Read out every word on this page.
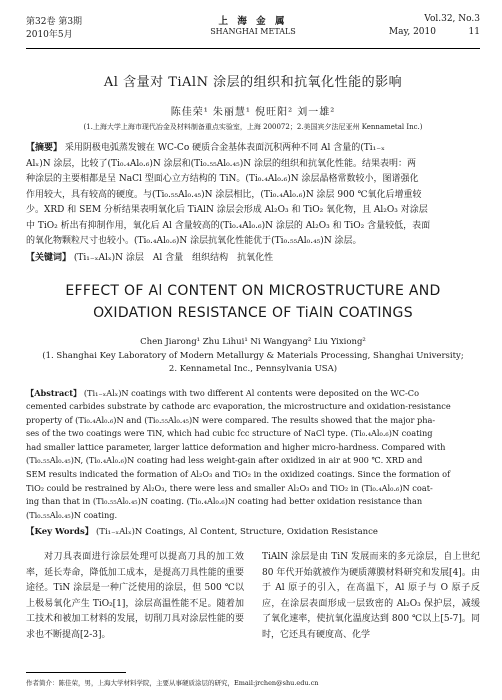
第32卷 第3期
2010年5月
上 海 金 属
SHANGHAI METALS
Vol.32, No.3
May, 2010	11
Al 含量对 TiAlN 涂层的组织和抗氧化性能的影响
陈佳荣¹ 朱丽慧¹ 倪旺阳² 刘一雄²
(1.上海大学上海市现代冶金及材料制备重点实验室，上海 200072；2.美国宾夕法尼亚州 Kennametal Inc.)
【摘要】 采用阴极电弧蒸发镀在 WC-Co 硬质合金基体表面沉积两种不同 Al 含量的(Ti₁₋ₓ
Alₓ)N 涂层，比较了(Ti₀.₄Al₀.₆)N 涂层和(Ti₀.₅₅Al₀.₄₅)N 涂层的组织和抗氧化性能。结果表明：两
种涂层的主要相都是呈 NaCl 型面心立方结构的 TiN。(Ti₀.₄Al₀.₆)N 涂层晶格常数较小，图谱强化
作用较大，具有较高的硬度。与(Ti₀.₅₅Al₀.₄₅)N 涂层相比，(Ti₀.₄Al₀.₆)N 涂层 900 ℃氧化后增重较
少。XRD 和 SEM 分析结果表明氧化后 TiAlN 涂层会形成 Al₂O₃ 和 TiO₂ 氧化物，且 Al₂O₃ 对涂层
中 TiO₂ 析出有抑制作用，氧化后 Al 含量较高的(Ti₀.₄Al₀.₆)N 涂层的 Al₂O₃ 和 TiO₂ 含量较低，表面
的氧化物颗粒尺寸也较小。(Ti₀.₄Al₀.₆)N 涂层抗氧化性能优于(Ti₀.₅₅Al₀.₄₅)N 涂层。
【关键词】 (Ti₁₋ₓAlₓ)N 涂层　Al 含量　组织结构　抗氧化性
EFFECT OF Al CONTENT ON MICROSTRUCTURE AND
OXIDATION RESISTANCE OF TiAlN COATINGS
Chen Jiarong¹ Zhu Lihui¹ Ni Wangyang² Liu Yixiong²
(1. Shanghai Key Laboratory of Modern Metallurgy & Materials Processing, Shanghai University;
2. Kennametal Inc., Pennsylvania USA)
【Abstract】 (Ti₁₋ₓAlₓ)N coatings with two different Al contents were deposited on the WC-Co
cemented carbides substrate by cathode arc evaporation, the microstructure and oxidation-resistance
property of (Ti₀.₄Al₀.₆)N and (Ti₀.₅₅Al₀.₄₅)N were compared. The results showed that the major pha-
ses of the two coatings were TiN, which had cubic fcc structure of NaCl type. (Ti₀.₄Al₀.₆)N coating
had smaller lattice parameter, larger lattice deformation and higher micro-hardness. Compared with
(Ti₀.₅₅Al₀.₄₅)N, (Ti₀.₄Al₀.₆)N coating had less weight-gain after oxidized in air at 900 ℃. XRD and
SEM results indicated the formation of Al₂O₃ and TiO₂ in the oxidized coatings. Since the formation of
TiO₂ could be restrained by Al₂O₃, there were less and smaller Al₂O₃ and TiO₂ in (Ti₀.₄Al₀.₆)N coat-
ing than that in (Ti₀.₅₅Al₀.₄₅)N coating. (Ti₀.₄Al₀.₆)N coating had better oxidation resistance than
(Ti₀.₅₅Al₀.₄₅)N coating.
【Key Words】 (Ti₁₋ₓAlₓ)N Coatings, Al Content, Structure, Oxidation Resistance
对刀具表面进行涂层处理可以提高刀具的加工效率，延长寿命，降低加工成本，是提高刀具性能的重要途径。TiN 涂层是一种广泛使用的涂层，但 500 ℃以上极易氧化产生 TiO₂[1]，涂层高温性能不足。随着加工技术和被加工材料的发展，切削刀具对涂层性能的要求也不断提高[2-3]。
TiAlN 涂层是由 TiN 发展而来的多元涂层，自上世纪 80 年代开始就被作为硬质薄膜材料研究和发展[4]。由于 Al 原子的引入，在高温下，Al 原子与 O 原子反应，在涂层表面形成一层致密的 Al₂O₃ 保护层，减缓了氧化速率，使抗氧化温度达到 800 ℃以上[5-7]。同时，它还具有硬度高、化学
作者简介：陈佳荣，男，上海大学材料学院，主要从事硬质涂层的研究，Email:jrchen@shu.edu.cn
